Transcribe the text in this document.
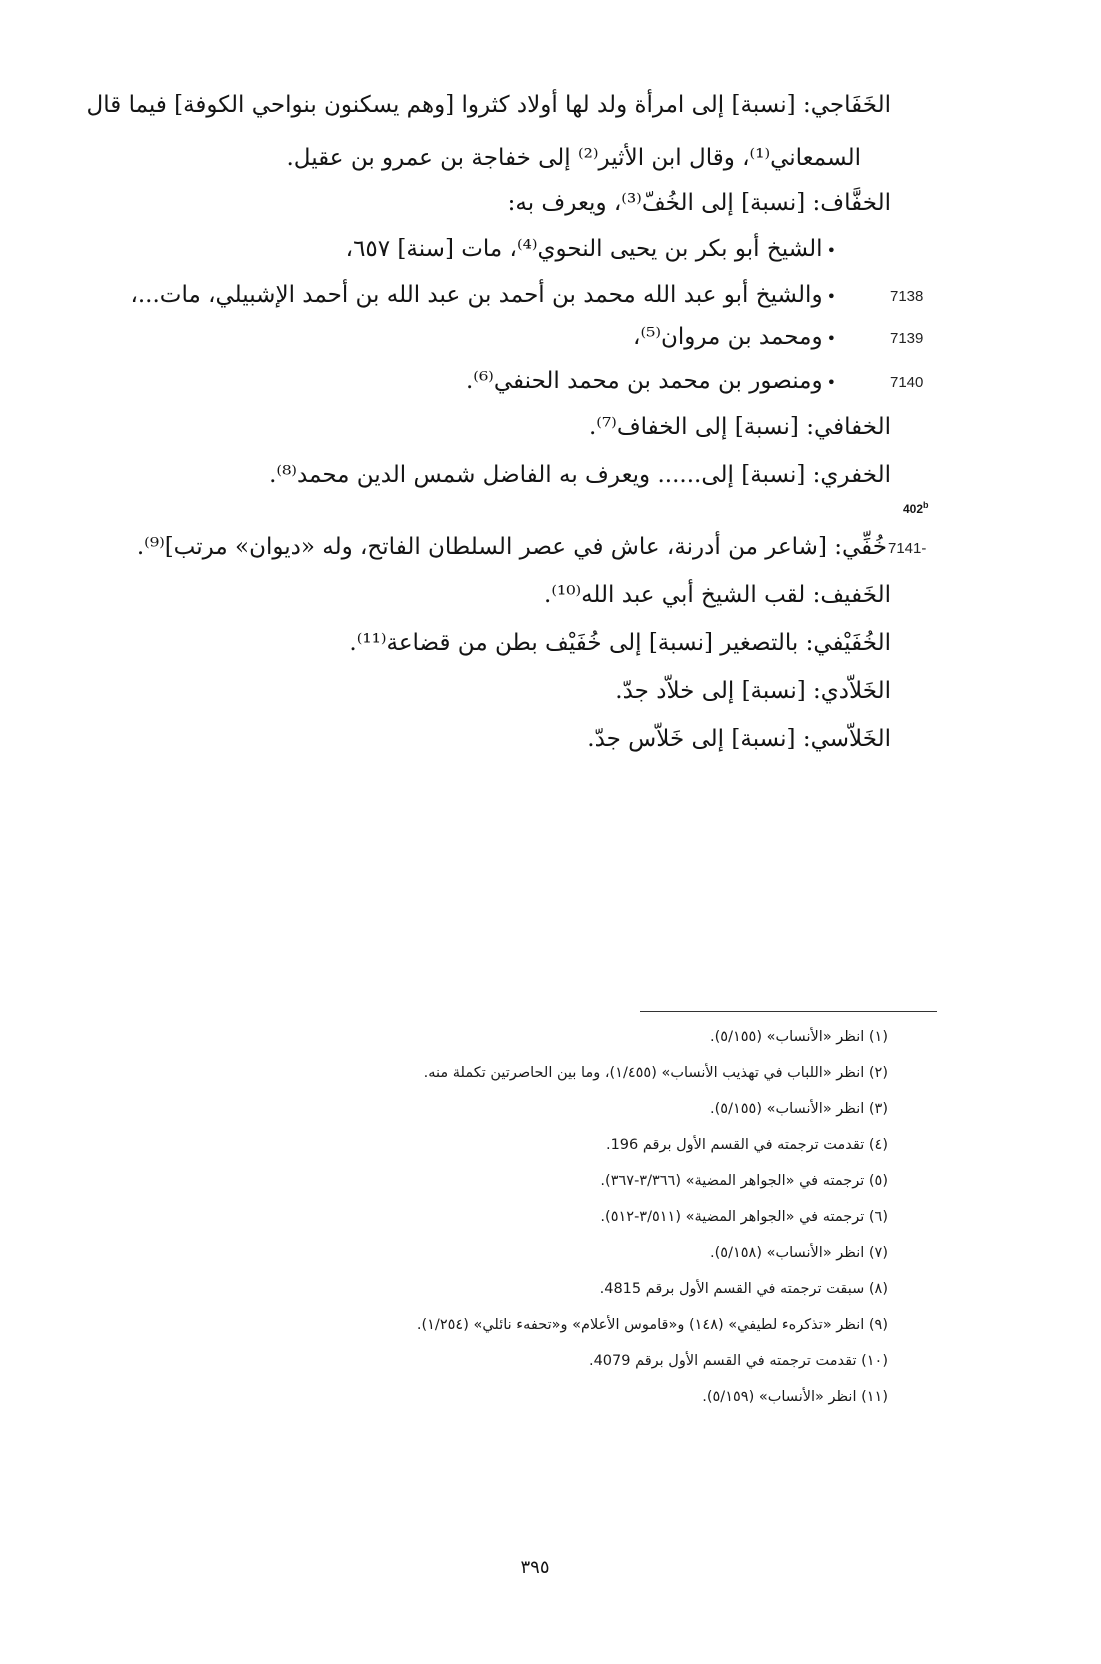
الخَفَاجي: [نسبة] إلى امرأة ولد لها أولاد كثروا [وهم يسكنون بنواحي الكوفة] فيما قال
السمعاني⁽¹⁾، وقال ابن الأثير⁽²⁾ إلى خفاجة بن عمرو بن عقيل.
الخفَّاف: [نسبة] إلى الخُفّ⁽³⁾، ويعرف به:
•الشيخ أبو بكر بن يحيى النحوي⁽⁴⁾، مات [سنة] ٦٥٧،
7138
•والشيخ أبو عبد الله محمد بن أحمد بن عبد الله بن أحمد الإشبيلي، مات...،
7139
•ومحمد بن مروان⁽⁵⁾،
7140
•ومنصور بن محمد بن محمد الحنفي⁽⁶⁾.
الخفافي: [نسبة] إلى الخفاف⁽⁷⁾.
الخفري: [نسبة] إلى...... ويعرف به الفاضل شمس الدين محمد⁽⁸⁾.
402$^b$
7141-
خُفِّي: [شاعر من أدرنة، عاش في عصر السلطان الفاتح، وله «ديوان» مرتب]⁽⁹⁾.
الخَفيف: لقب الشيخ أبي عبد الله⁽¹⁰⁾.
الخُفَيْفي: بالتصغير [نسبة] إلى خُفَيْف بطن من قضاعة⁽¹¹⁾.
الخَلاّدي: [نسبة] إلى خلاّد جدّ.
الخَلاّسي: [نسبة] إلى خَلاّس جدّ.
(١) انظر «الأنساب» (٥/١٥٥).
(٢) انظر «اللباب في تهذيب الأنساب» (١/٤٥٥)، وما بين الحاصرتين تكملة منه.
(٣) انظر «الأنساب» (٥/١٥٥).
(٤) تقدمت ترجمته في القسم الأول برقم 196.
(٥) ترجمته في «الجواهر المضية» (٣/٣٦٦-٣٦٧).
(٦) ترجمته في «الجواهر المضية» (٣/٥١١-٥١٢).
(٧) انظر «الأنساب» (٥/١٥٨).
(٨) سبقت ترجمته في القسم الأول برقم 4815.
(٩) انظر «تذكرهء لطيفي» (١٤٨) و«قاموس الأعلام» و«تحفهء نائلي» (١/٢٥٤).
(١٠) تقدمت ترجمته في القسم الأول برقم 4079.
(١١) انظر «الأنساب» (٥/١٥٩).
٣٩٥
